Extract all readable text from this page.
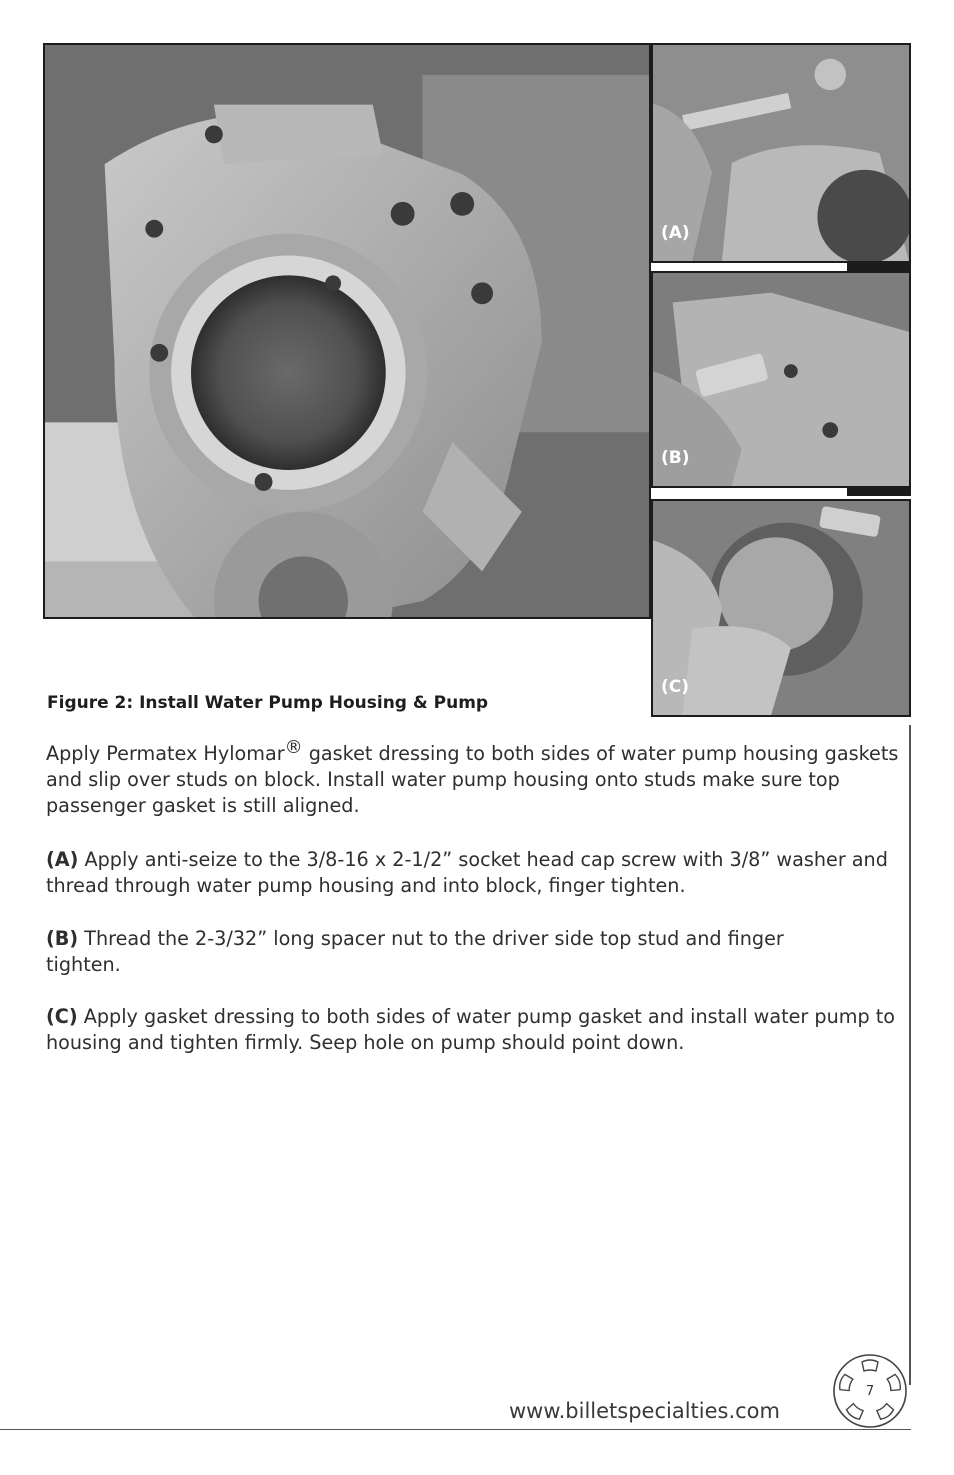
(A)
(B)
(C)

Figure 2: Install Water Pump Housing & Pump

Apply Permatex Hylomar® gasket dressing to both sides of water pump housing gaskets and slip over studs on block. Install water pump housing onto studs make sure top passenger gasket is still aligned.

(A) Apply anti-seize to the 3/8-16 x 2-1/2” socket head cap screw with 3/8” washer and thread through water pump housing and into block, finger tighten.

(B) Thread the 2-3/32” long spacer nut to the driver side top stud and finger tighten.

(C) Apply gasket dressing to both sides of water pump gasket and install water pump to housing and tighten firmly. Seep hole on pump should point down.

www.billetspecialties.com

7
